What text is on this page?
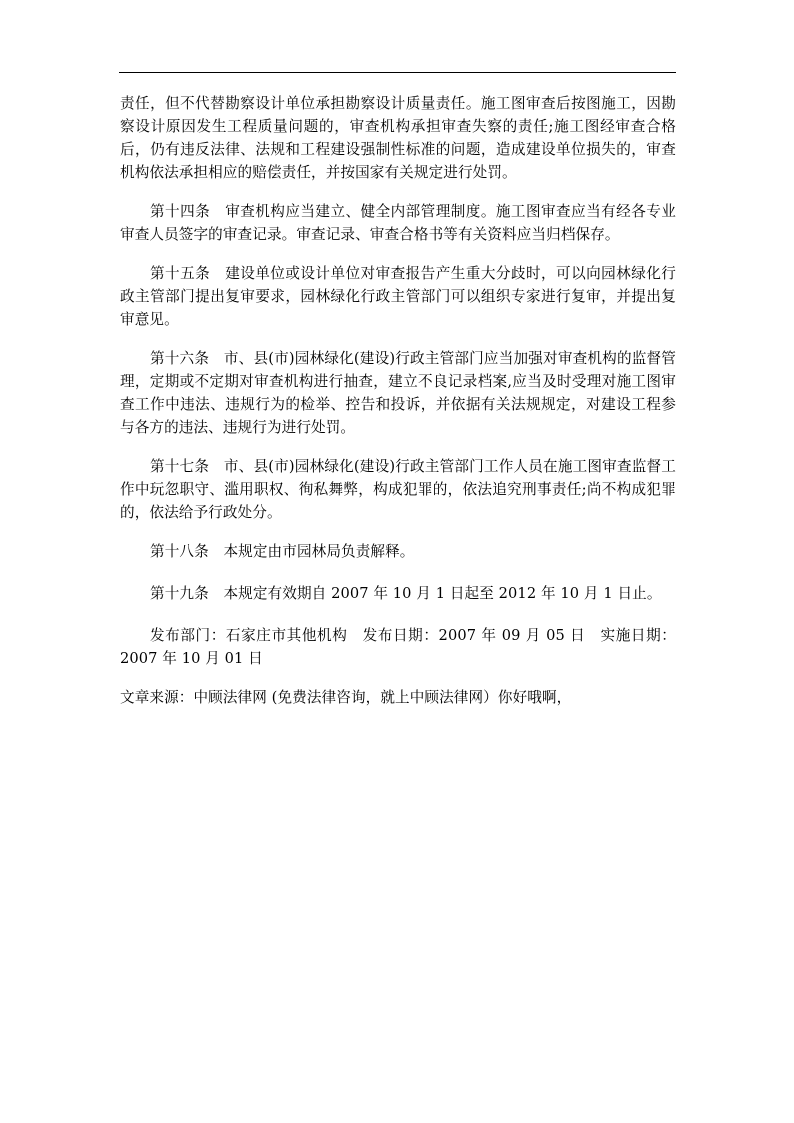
责任，但不代替勘察设计单位承担勘察设计质量责任。施工图审查后按图施工，因勘察设计原因发生工程质量问题的，审查机构承担审查失察的责任;施工图经审查合格后，仍有违反法律、法规和工程建设强制性标准的问题，造成建设单位损失的，审查机构依法承担相应的赔偿责任，并按国家有关规定进行处罚。

第十四条　审查机构应当建立、健全内部管理制度。施工图审查应当有经各专业审查人员签字的审查记录。审查记录、审查合格书等有关资料应当归档保存。

第十五条　建设单位或设计单位对审查报告产生重大分歧时，可以向园林绿化行政主管部门提出复审要求，园林绿化行政主管部门可以组织专家进行复审，并提出复审意见。

第十六条　市、县(市)园林绿化(建设)行政主管部门应当加强对审查机构的监督管理，定期或不定期对审查机构进行抽查，建立不良记录档案,应当及时受理对施工图审查工作中违法、违规行为的检举、控告和投诉，并依据有关法规规定，对建设工程参与各方的违法、违规行为进行处罚。

第十七条　市、县(市)园林绿化(建设)行政主管部门工作人员在施工图审查监督工作中玩忽职守、滥用职权、徇私舞弊，构成犯罪的，依法追究刑事责任;尚不构成犯罪的，依法给予行政处分。

第十八条　本规定由市园林局负责解释。

第十九条　本规定有效期自 2007 年 10 月 1 日起至 2012 年 10 月 1 日止。

发布部门：石家庄市其他机构　发布日期：2007 年 09 月 05 日　实施日期：2007 年 10 月 01 日

文章来源：中顾法律网 (免费法律咨询，就上中顾法律网）你好哦啊，
